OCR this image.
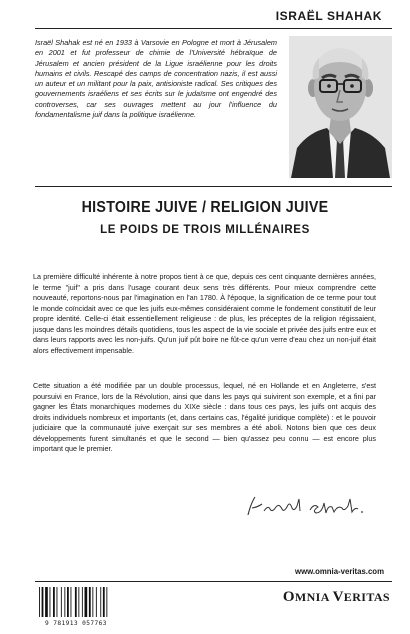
ISRAËL SHAHAK

Israël Shahak est né en 1933 à Varsovie en Pologne et mort à Jérusalem en 2001 et fut professeur de chimie de l'Université hébraïque de Jérusalem et ancien président de la Ligue israélienne pour les droits humains et civils. Rescapé des camps de concentration nazis, il est aussi un auteur et un militant pour la paix, antisioniste radical. Ses critiques des gouvernements israéliens et ses écrits sur le judaïsme ont engendré des controverses, car ses ouvrages mettent au jour l'influence du fondamentalisme juif dans la politique israélienne.

HISTOIRE JUIVE / RELIGION JUIVE
LE POIDS DE TROIS MILLÉNAIRES

La première difficulté inhérente à notre propos tient à ce que, depuis ces cent cinquante dernières années, le terme "juif" a pris dans l'usage courant deux sens très différents. Pour mieux comprendre cette nouveauté, reportons-nous par l'imagination en l'an 1780. À l'époque, la signification de ce terme pour tout le monde coïncidait avec ce que les juifs eux-mêmes considéraient comme le fondement constitutif de leur propre identité. Celle-ci était essentiellement religieuse : de plus, les préceptes de la religion régissaient, jusque dans les moindres détails quotidiens, tous les aspect de la vie sociale et privée des juifs entre eux et dans leurs rapports avec les non-juifs. Qu'un juif pût boire ne fût-ce qu'un verre d'eau chez un non-juif était alors effectivement impensable.

Cette situation a été modifiée par un double processus, lequel, né en Hollande et en Angleterre, s'est poursuivi en France, lors de la Révolution, ainsi que dans les pays qui suivirent son exemple, et a fini par gagner les États monarchiques modernes du XIXe siècle : dans tous ces pays, les juifs ont acquis des droits individuels nombreux et importants (et, dans certains cas, l'égalité juridique complète) : et le pouvoir judiciaire que la communauté juive exerçait sur ses membres a été aboli. Notons bien que ces deux développements furent simultanés et que le second — bien qu'assez peu connu — est encore plus important que le premier.

www.omnia-veritas.com
9 781913 057763
OMNIA VERITAS
